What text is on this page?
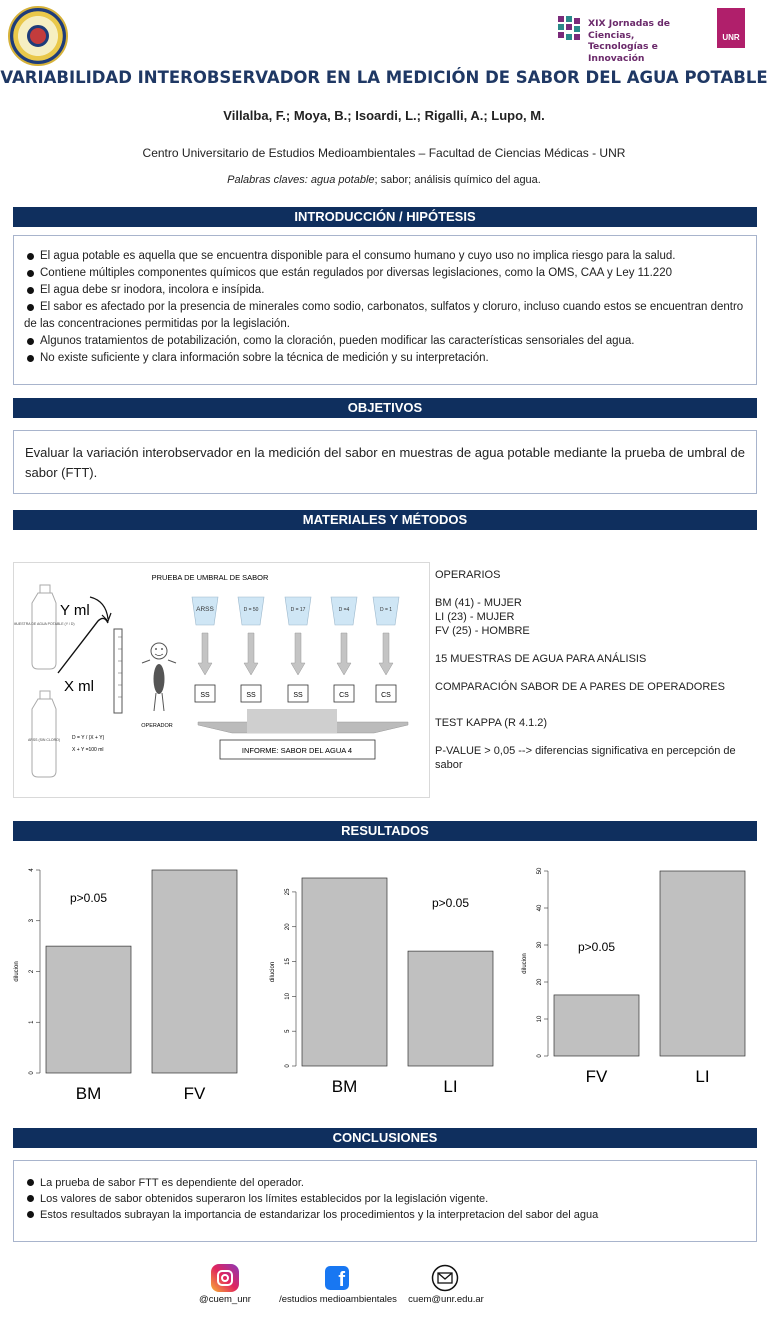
XIX Jornadas de Ciencias,
Tecnologías e Innovación
UNR
VARIABILIDAD INTEROBSERVADOR EN LA MEDICIÓN DE SABOR DEL AGUA POTABLE
Villalba, F.; Moya, B.; Isoardi, L.; Rigalli, A.; Lupo, M.
Centro Universitario de Estudios Medioambientales – Facultad de Ciencias Médicas - UNR
Palabras claves: agua potable; sabor; análisis químico del agua.
INTRODUCCIÓN / HIPÓTESIS
El agua potable es aquella que se encuentra disponible para el consumo humano y cuyo uso no implica riesgo para la salud.
Contiene múltiples componentes químicos que están regulados por diversas legislaciones, como la OMS, CAA y Ley 11.220
El agua debe sr inodora, incolora e insípida.
El sabor es afectado por la presencia de minerales como sodio, carbonatos, sulfatos y cloruro, incluso cuando estos se encuentran dentro de las concentraciones permitidas por la legislación.
Algunos tratamientos de potabilización, como la cloración, pueden modificar las características sensoriales del agua.
No existe suficiente y clara información sobre la técnica de medición y su interpretación.
OBJETIVOS
Evaluar la variación interobservador en la medición del sabor en muestras de agua potable mediante la prueba de umbral de sabor (FTT).
MATERIALES Y MÉTODOS
PRUEBA DE UMBRAL DE SABOR
MUESTRA DE AGUA POTABLE (Y / D)
ARSS (SIN CLORO)
Y ml
X ml
D = Y / (X + Y)
X + Y =100 ml
OPERADOR
ARSS
SS
D = 50
SS
D = 17
SS
D =4
CS
D = 1
CS
INFORME: SABOR DEL AGUA 4

OPERARIOS

BM (41) - MUJER

LI (23) - MUJER

FV (25) - HOMBRE

15 MUESTRAS DE AGUA PARA ANÁLISIS

COMPARACIÓN SABOR DE A PARES DE OPERADORES

TEST KAPPA (R 4.1.2)

P-VALUE > 0,05 --> diferencias significativa en percepción de sabor

RESULTADOS
0
1
2
3
4
dilucion
BM	FV
p>0.05
0
5
10
15
20
25
dilucion
BM	LI
p>0.05
0
10
20
30
40
50
dilucion
FV	LI
p>0.05
CONCLUSIONES
La prueba de sabor FTT es dependiente del operador.
Los valores de sabor obtenidos superaron los límites establecidos por la legislación vigente.
Estos resultados subrayan la importancia de estandarizar los procedimientos y la interpretacion del sabor del agua
@cuem_unr
f
/estudios medioambientales	cuem@unr.edu.ar
